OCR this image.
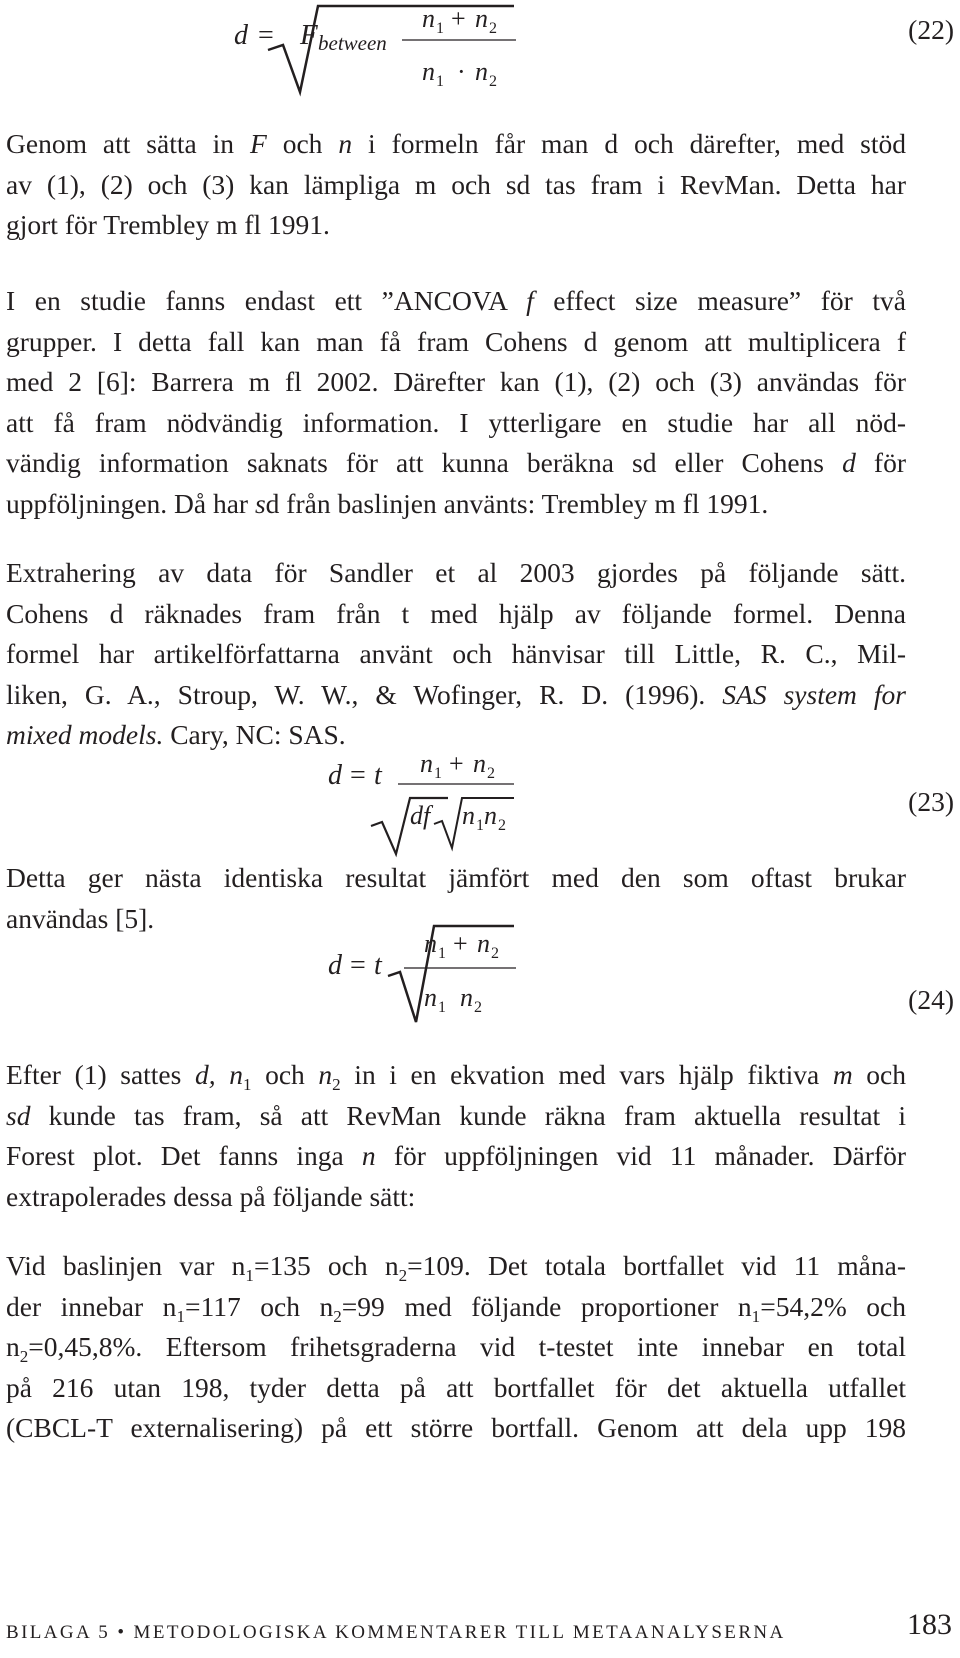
d = F between
n 1 + n 2
n 1 · n 2
(22)
Genom att sätta in F och n i formeln får man d och därefter, med stöd
av (1), (2) och (3) kan lämpliga m och sd tas fram i RevMan. Detta har
gjort för Trembley m fl 1991.
I en studie fanns endast ett ”ANCOVA f effect size measure” för två
grupper. I detta fall kan man få fram Cohens d genom att multiplicera f
med 2 [6]: Barrera m fl 2002. Därefter kan (1), (2) och (3) användas för
att få fram nödvändig information. I ytterligare en studie har all nöd-
vändig information saknats för att kunna beräkna sd eller Cohens d för
uppföljningen. Då har sd från baslinjen använts: Trembley m fl 1991.
Extrahering av data för Sandler et al 2003 gjordes på följande sätt.
Cohens d räknades fram från t med hjälp av följande formel. Denna
formel har artikelförfattarna använt och hänvisar till Little, R. C., Mil-
liken, G. A., Stroup, W. W., & Wofinger, R. D. (1996). SAS system for
mixed models. Cary, NC: SAS.
d = t n 1 + n 2
df n 1 n 2
(23)
Detta ger nästa identiska resultat jämfört med den som oftast brukar
användas [5].
d = t
n 1 + n 2
n 1 n 2	(24)
Efter (1) sattes d, $n_1$ och $n_2$ in i en ekvation med vars hjälp fiktiva m och
sd kunde tas fram, så att RevMan kunde räkna fram aktuella resultat i
Forest plot. Det fanns inga n för uppföljningen vid 11 månader. Därför
extrapolerades dessa på följande sätt:
Vid baslinjen var $n_1=135$ och $n_2=109$. Det totala bortfallet vid 11 måna-
der innebar $n_1=117$ och $n_2=99$ med följande proportioner $n_1=54,2\%$ och
$n_2=0,45,8\%$. Eftersom frihetsgraderna vid t-testet inte innebar en total
på 216 utan 198, tyder detta på att bortfallet för det aktuella utfallet
(CBCL-T externalisering) på ett större bortfall. Genom att dela upp 198
BILAGA 5 • METODOLOGISKA KOMMENTARER TILL METAANALYSERNA	183
